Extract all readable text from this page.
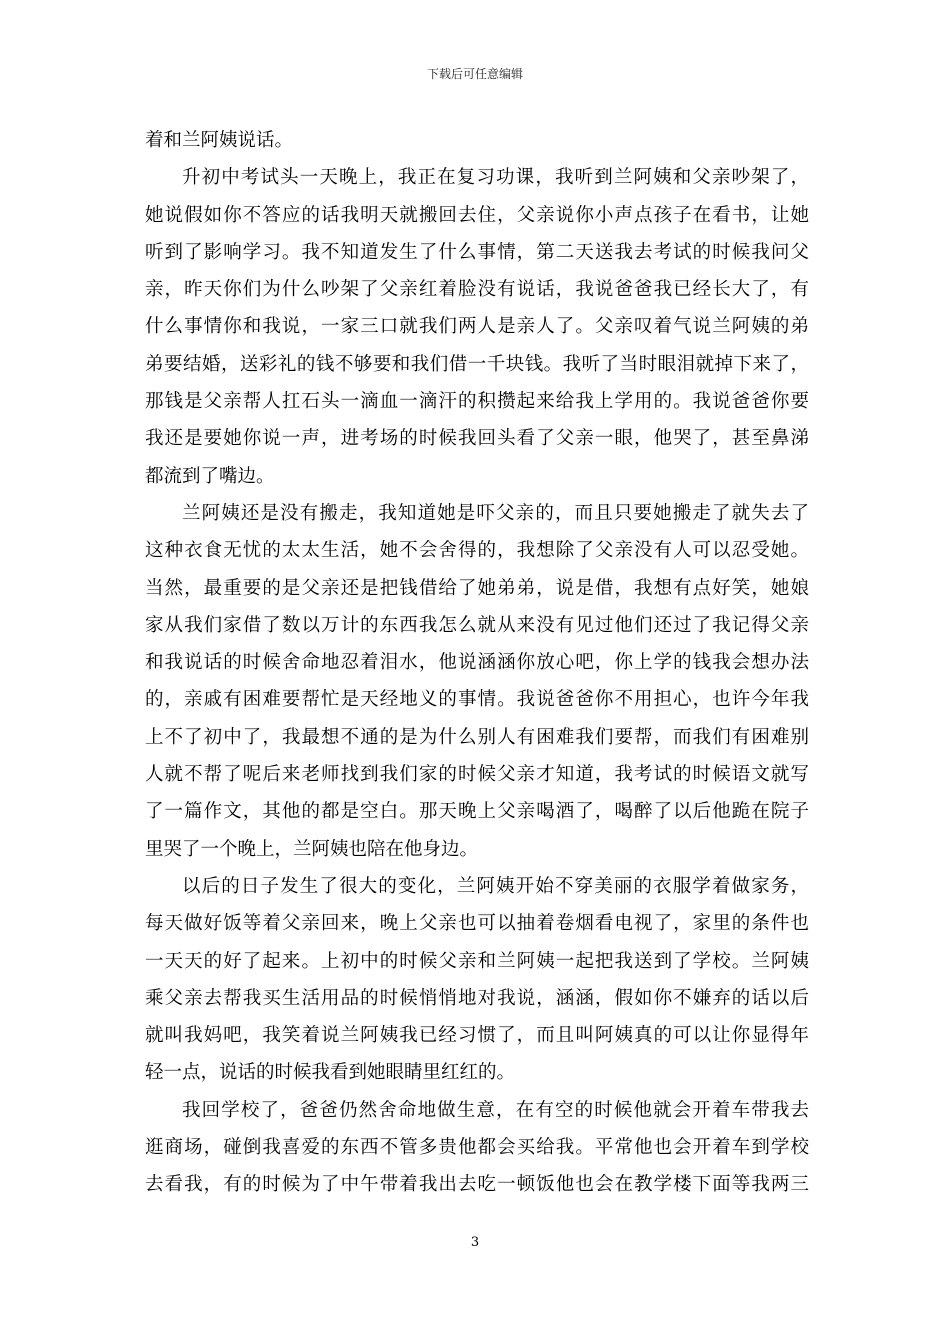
下载后可任意编辑
着和兰阿姨说话。
升初中考试头一天晚上，我正在复习功课，我听到兰阿姨和父亲吵架了，
她说假如你不答应的话我明天就搬回去住，父亲说你小声点孩子在看书，让她
听到了影响学习。我不知道发生了什么事情，第二天送我去考试的时候我问父
亲，昨天你们为什么吵架了父亲红着脸没有说话，我说爸爸我已经长大了，有
什么事情你和我说，一家三口就我们两人是亲人了。父亲叹着气说兰阿姨的弟
弟要结婚，送彩礼的钱不够要和我们借一千块钱。我听了当时眼泪就掉下来了，
那钱是父亲帮人扛石头一滴血一滴汗的积攒起来给我上学用的。我说爸爸你要
我还是要她你说一声，进考场的时候我回头看了父亲一眼，他哭了，甚至鼻涕
都流到了嘴边。
兰阿姨还是没有搬走，我知道她是吓父亲的，而且只要她搬走了就失去了
这种衣食无忧的太太生活，她不会舍得的，我想除了父亲没有人可以忍受她。
当然，最重要的是父亲还是把钱借给了她弟弟，说是借，我想有点好笑，她娘
家从我们家借了数以万计的东西我怎么就从来没有见过他们还过了我记得父亲
和我说话的时候舍命地忍着泪水，他说涵涵你放心吧，你上学的钱我会想办法
的，亲戚有困难要帮忙是天经地义的事情。我说爸爸你不用担心，也许今年我
上不了初中了，我最想不通的是为什么别人有困难我们要帮，而我们有困难别
人就不帮了呢后来老师找到我们家的时候父亲才知道，我考试的时候语文就写
了一篇作文，其他的都是空白。那天晚上父亲喝酒了，喝醉了以后他跪在院子
里哭了一个晚上，兰阿姨也陪在他身边。
以后的日子发生了很大的变化，兰阿姨开始不穿美丽的衣服学着做家务，
每天做好饭等着父亲回来，晚上父亲也可以抽着卷烟看电视了，家里的条件也
一天天的好了起来。上初中的时候父亲和兰阿姨一起把我送到了学校。兰阿姨
乘父亲去帮我买生活用品的时候悄悄地对我说，涵涵，假如你不嫌弃的话以后
就叫我妈吧，我笑着说兰阿姨我已经习惯了，而且叫阿姨真的可以让你显得年
轻一点，说话的时候我看到她眼睛里红红的。
我回学校了，爸爸仍然舍命地做生意，在有空的时候他就会开着车带我去
逛商场，碰倒我喜爱的东西不管多贵他都会买给我。平常他也会开着车到学校
去看我，有的时候为了中午带着我出去吃一顿饭他也会在教学楼下面等我两三
3
